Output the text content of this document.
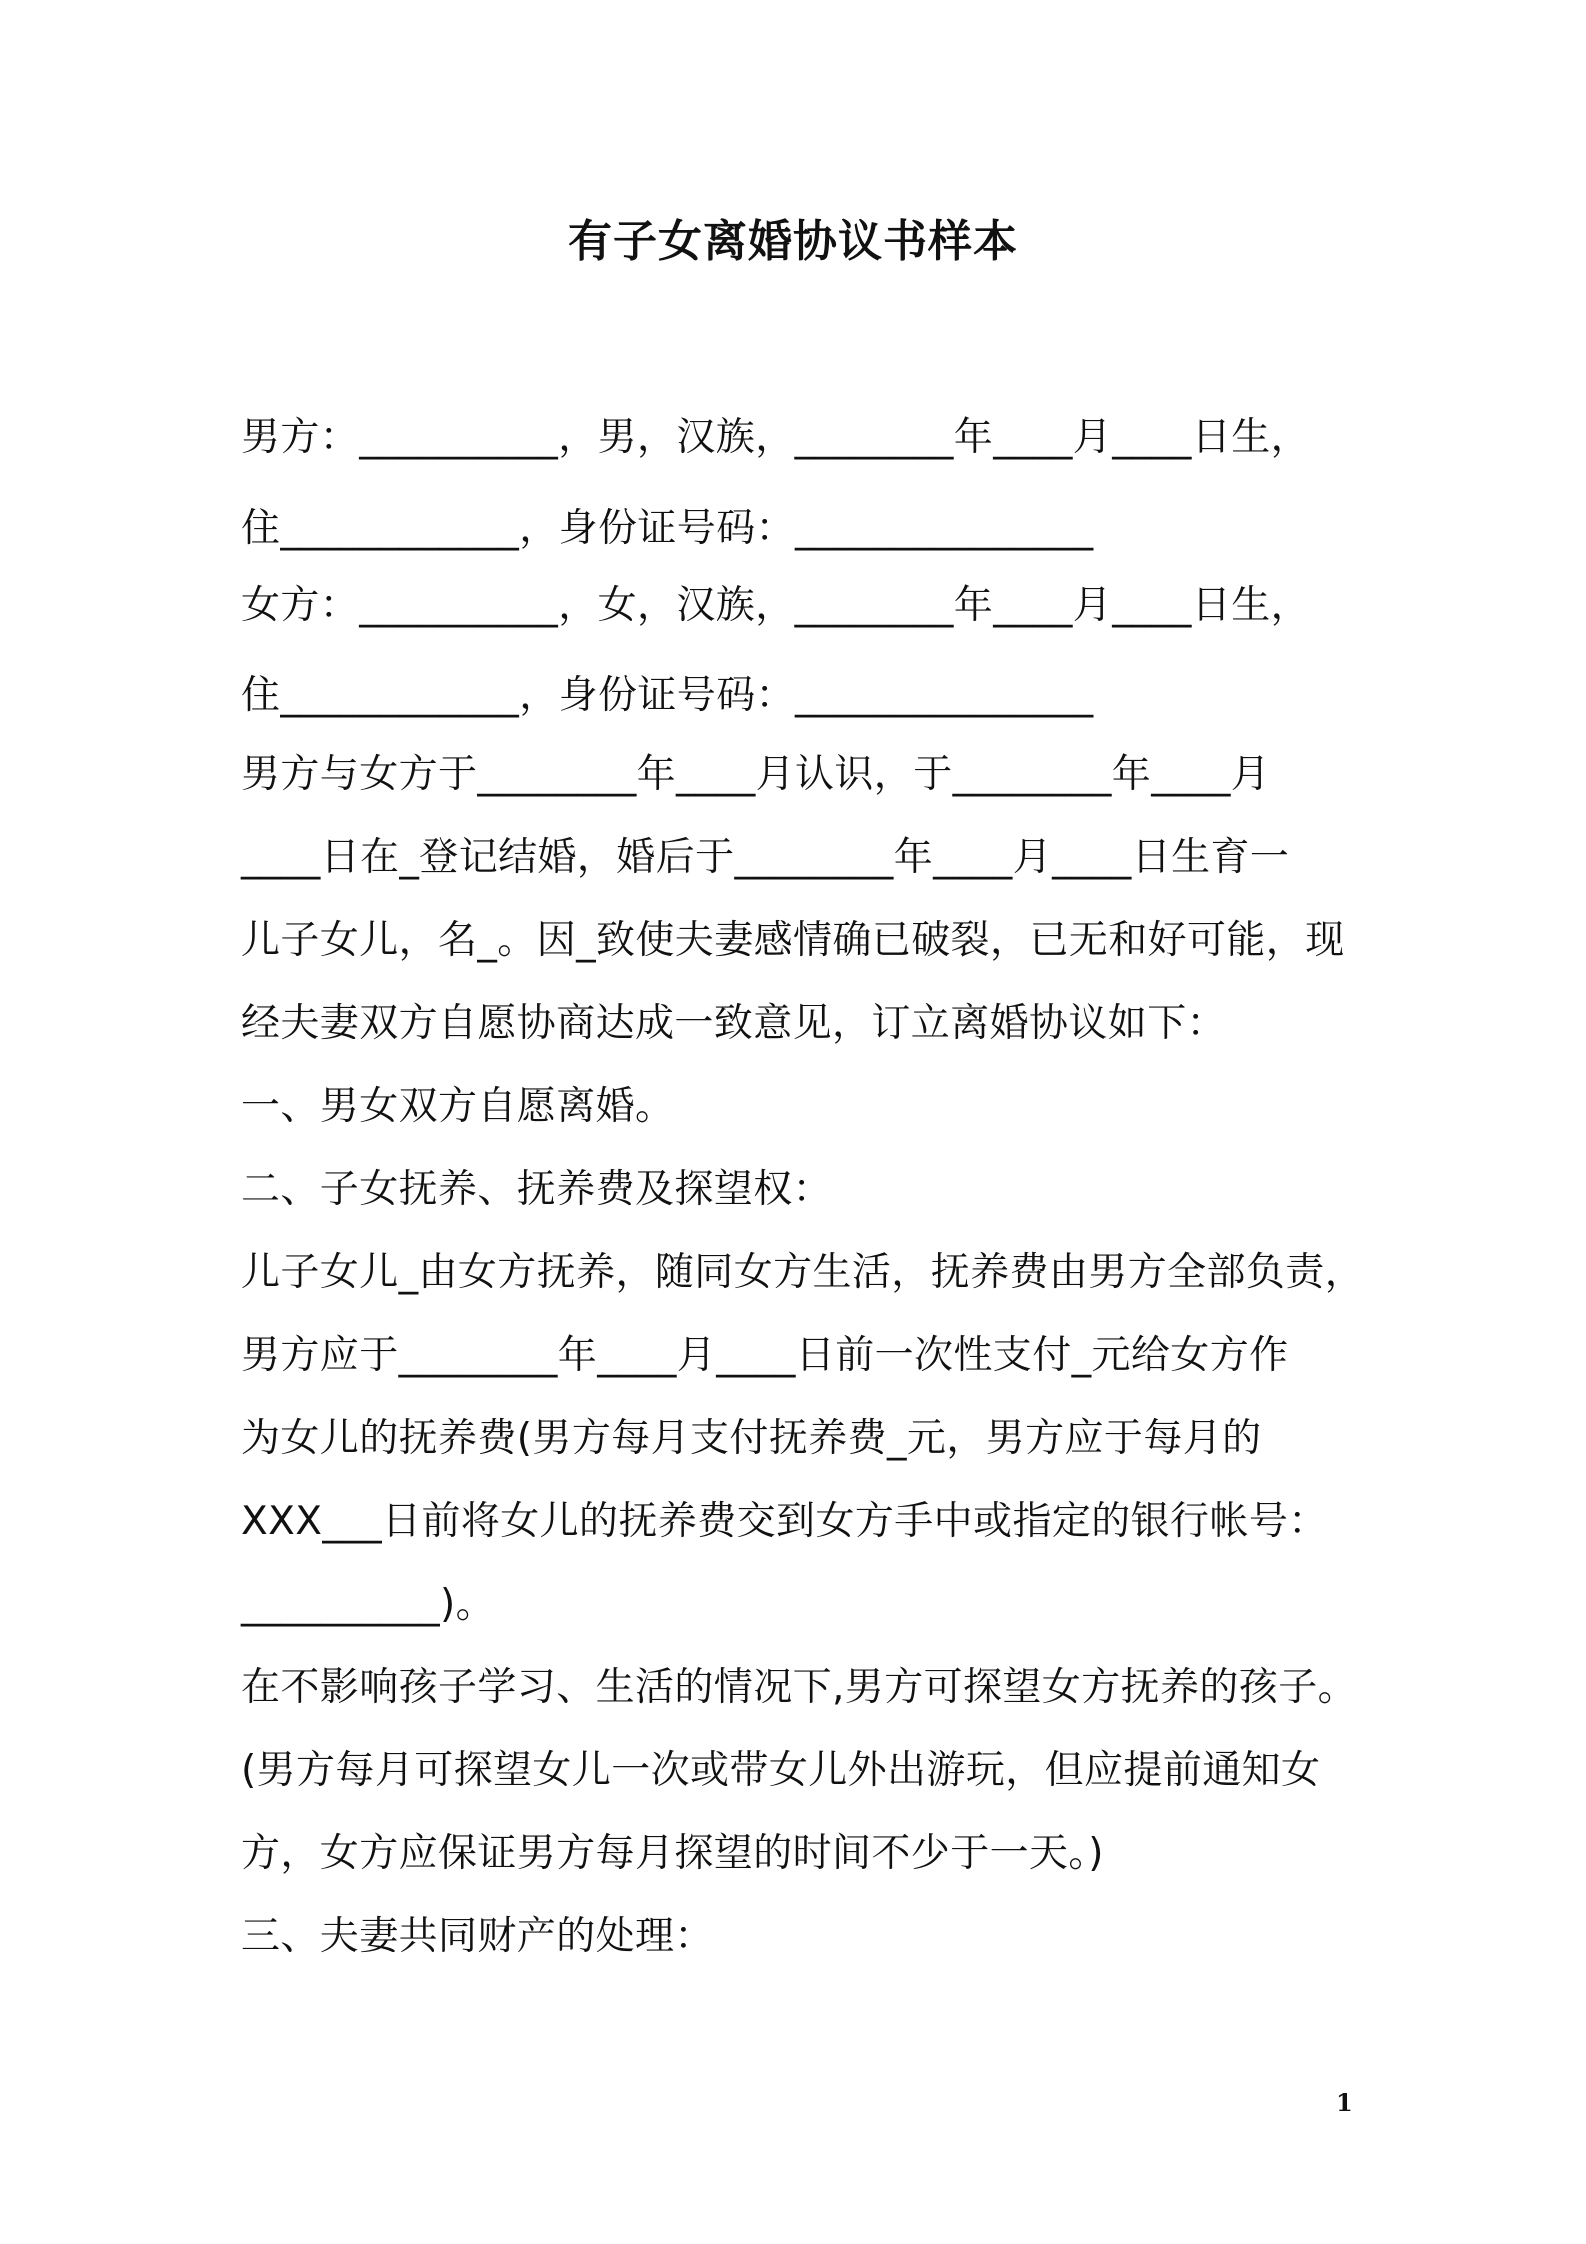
有子女离婚协议书样本
男方：__________，男，汉族，________年____月____日生，
住____________，身份证号码：_______________
女方：__________，女，汉族，________年____月____日生，
住____________，身份证号码：_______________
男方与女方于________年____月认识，于________年____月
____日在_登记结婚，婚后于________年____月____日生育一
儿子女儿，名_。因_致使夫妻感情确已破裂，已无和好可能，现
经夫妻双方自愿协商达成一致意见，订立离婚协议如下：
一、男女双方自愿离婚。
二、子女抚养、抚养费及探望权：
儿子女儿_由女方抚养，随同女方生活，抚养费由男方全部负责，
男方应于________年____月____日前一次性支付_元给女方作
为女儿的抚养费(男方每月支付抚养费_元，男方应于每月的
XXX___日前将女儿的抚养费交到女方手中或指定的银行帐号：
__________)。
在不影响孩子学习、生活的情况下,男方可探望女方抚养的孩子。
(男方每月可探望女儿一次或带女儿外出游玩，但应提前通知女
方，女方应保证男方每月探望的时间不少于一天。)
三、夫妻共同财产的处理：
1
